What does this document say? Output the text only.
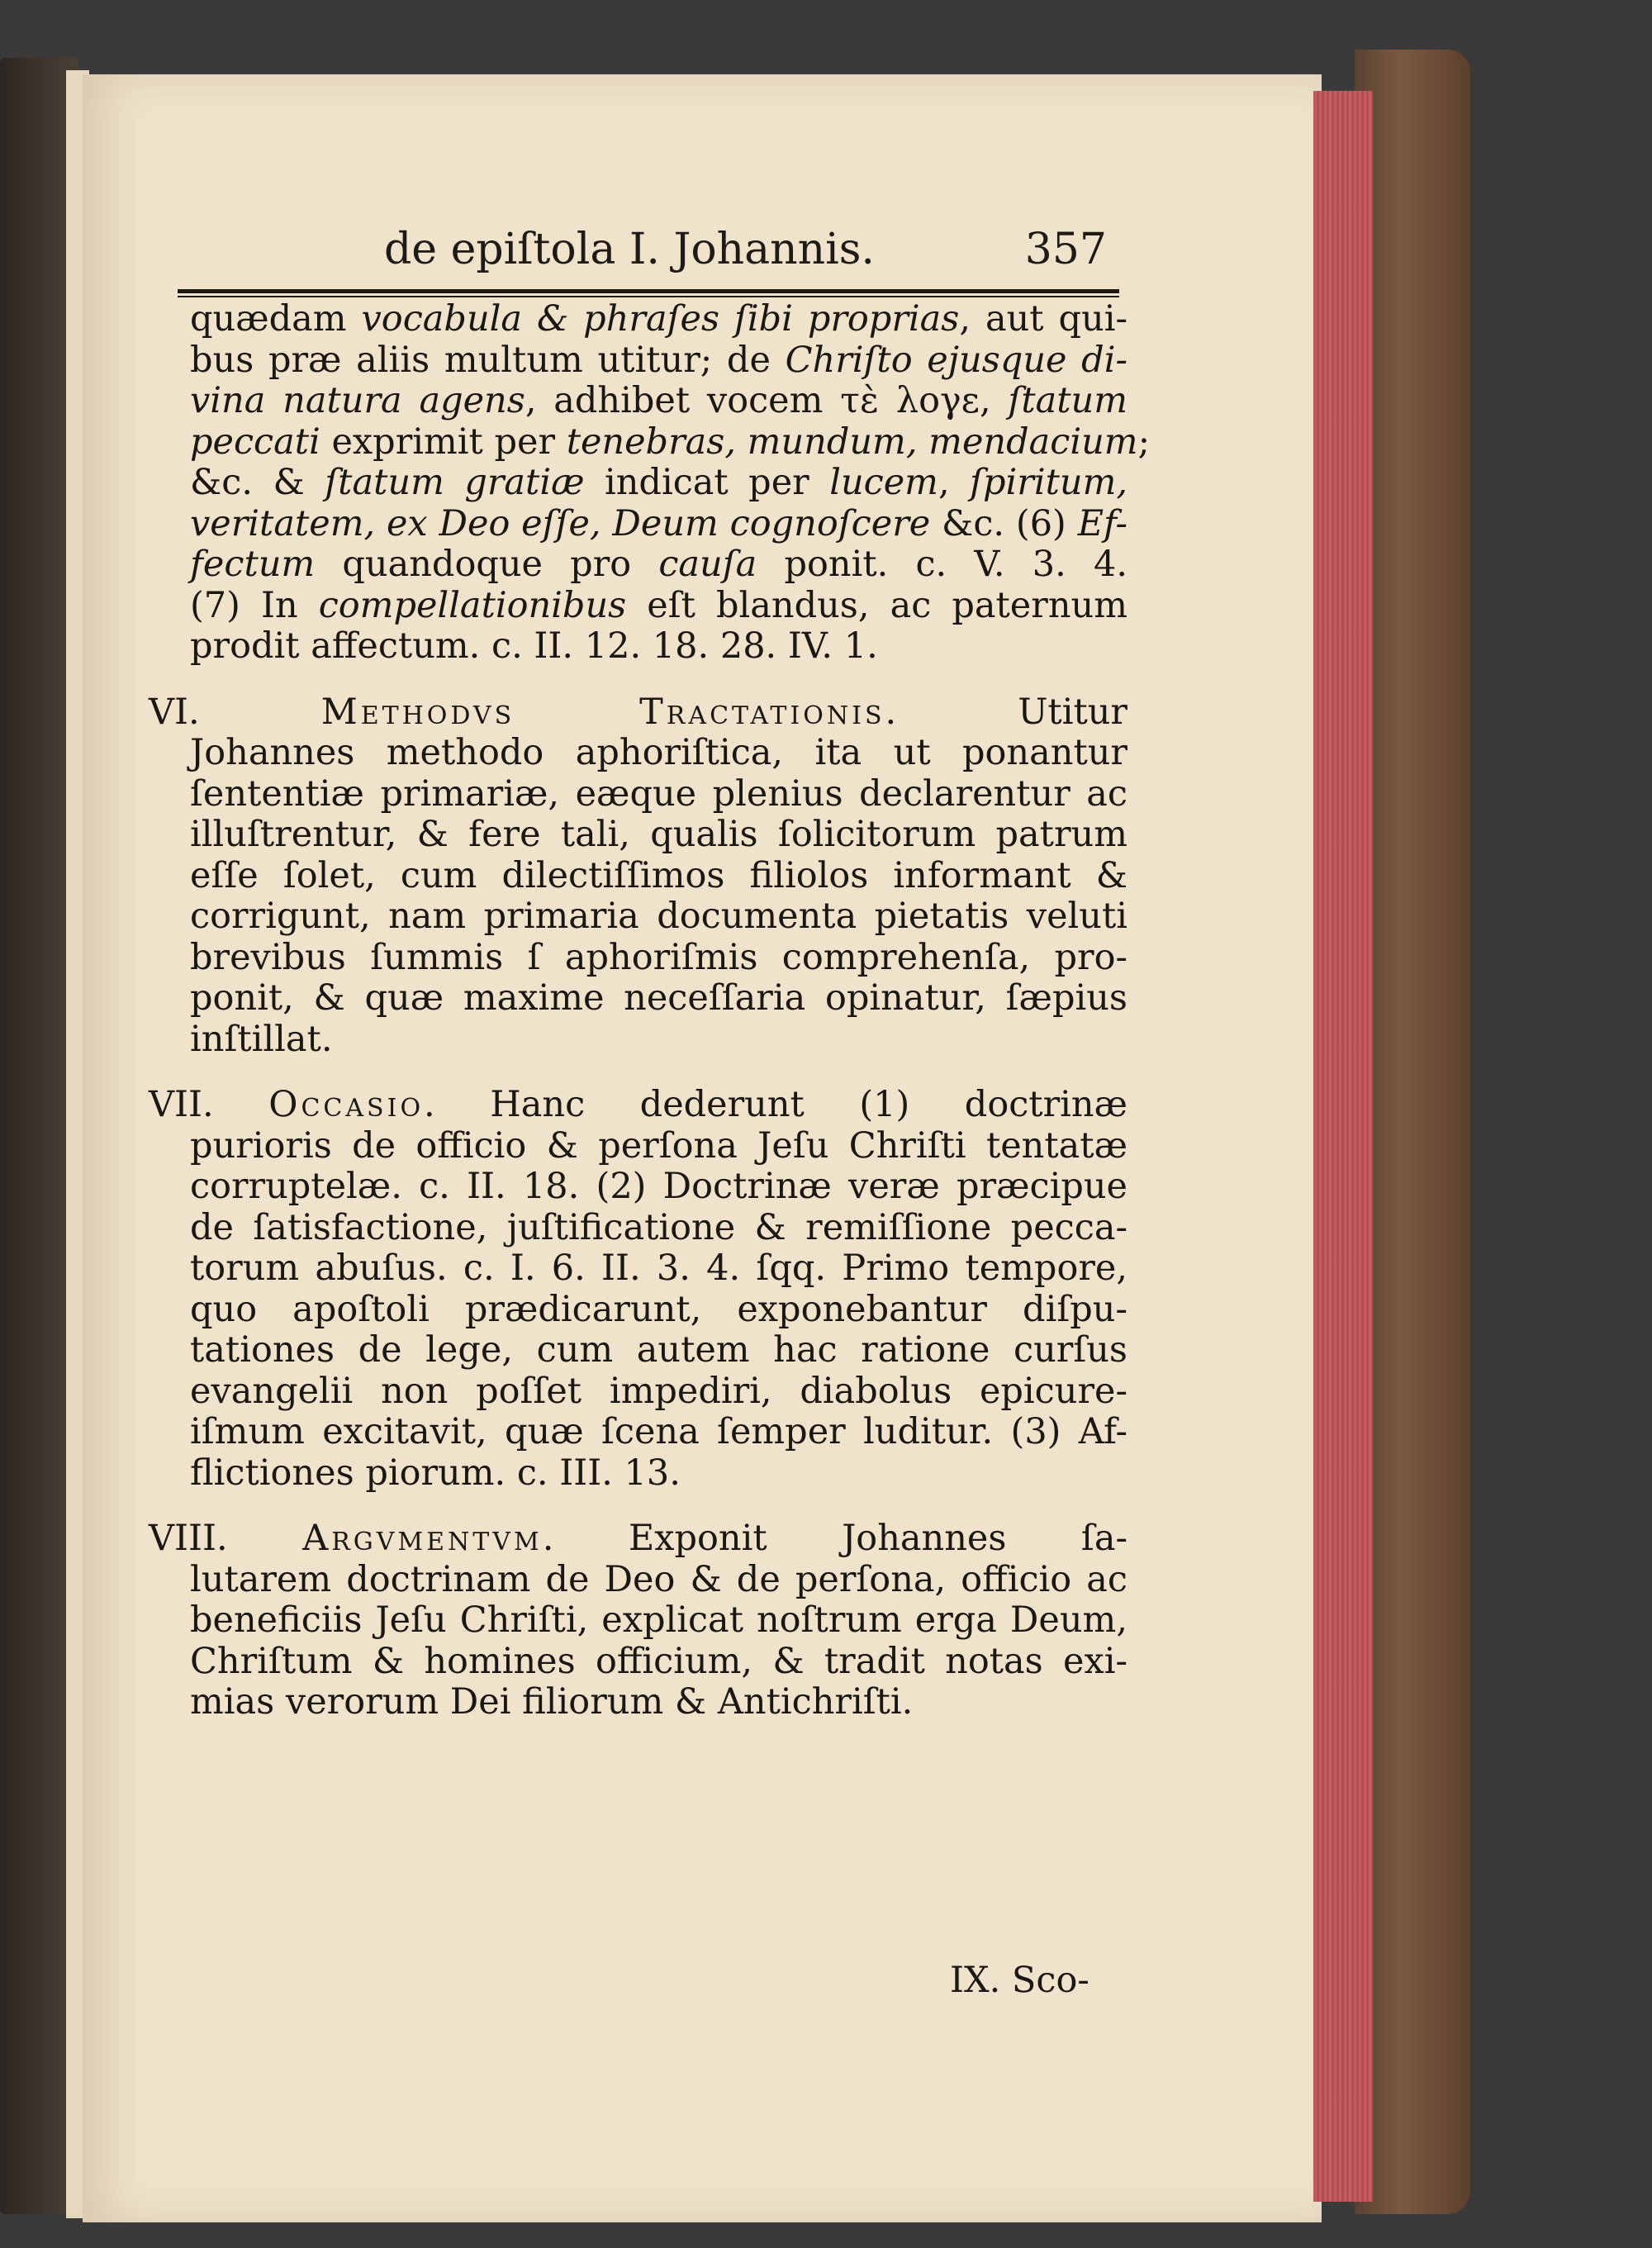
de epiſtola I. Johannis.	357
quædam vocabula & phraſes ſibi proprias, aut qui-
bus præ aliis multum utitur; de Chriſto ejusque di-
vina natura agens, adhibet vocem τὲ λογε, ſtatum
peccati exprimit per tenebras, mundum, mendacium;
&c. & ſtatum gratiæ indicat per lucem, ſpiritum,
veritatem, ex Deo eſſe, Deum cognoſcere &c. (6) Ef-
fectum quandoque pro cauſa ponit. c. V. 3. 4.
(7) In compellationibus eſt blandus, ac paternum
prodit affectum. c. II. 12. 18. 28. IV. 1.
VI. Methodvs Tractationis. Utitur
Johannes methodo aphoriſtica, ita ut ponantur
ſententiæ primariæ, eæque plenius declarentur ac
illuſtrentur, & fere tali, qualis ſolicitorum patrum
eſſe ſolet, cum dilectiſſimos filiolos informant &
corrigunt, nam primaria documenta pietatis veluti
brevibus ſummis ſ aphoriſmis comprehenſa, pro-
ponit, & quæ maxime neceſſaria opinatur, ſæpius
inſtillat.
VII. Occasio. Hanc dederunt (1) doctrinæ
purioris de officio & perſona Jeſu Chriſti tentatæ
corruptelæ. c. II. 18. (2) Doctrinæ veræ præcipue
de ſatisfactione, juſtificatione & remiſſione pecca-
torum abuſus. c. I. 6. II. 3. 4. ſqq. Primo tempore,
quo apoſtoli prædicarunt, exponebantur diſpu-
tationes de lege, cum autem hac ratione curſus
evangelii non poſſet impediri, diabolus epicure-
iſmum excitavit, quæ ſcena ſemper luditur. (3) Af-
flictiones piorum. c. III. 13.
VIII. Argvmentvm. Exponit Johannes ſa-
lutarem doctrinam de Deo & de perſona, officio ac
beneficiis Jeſu Chriſti, explicat noſtrum erga Deum,
Chriſtum & homines officium, & tradit notas exi-
mias verorum Dei filiorum & Antichriſti.
IX. Sco-
